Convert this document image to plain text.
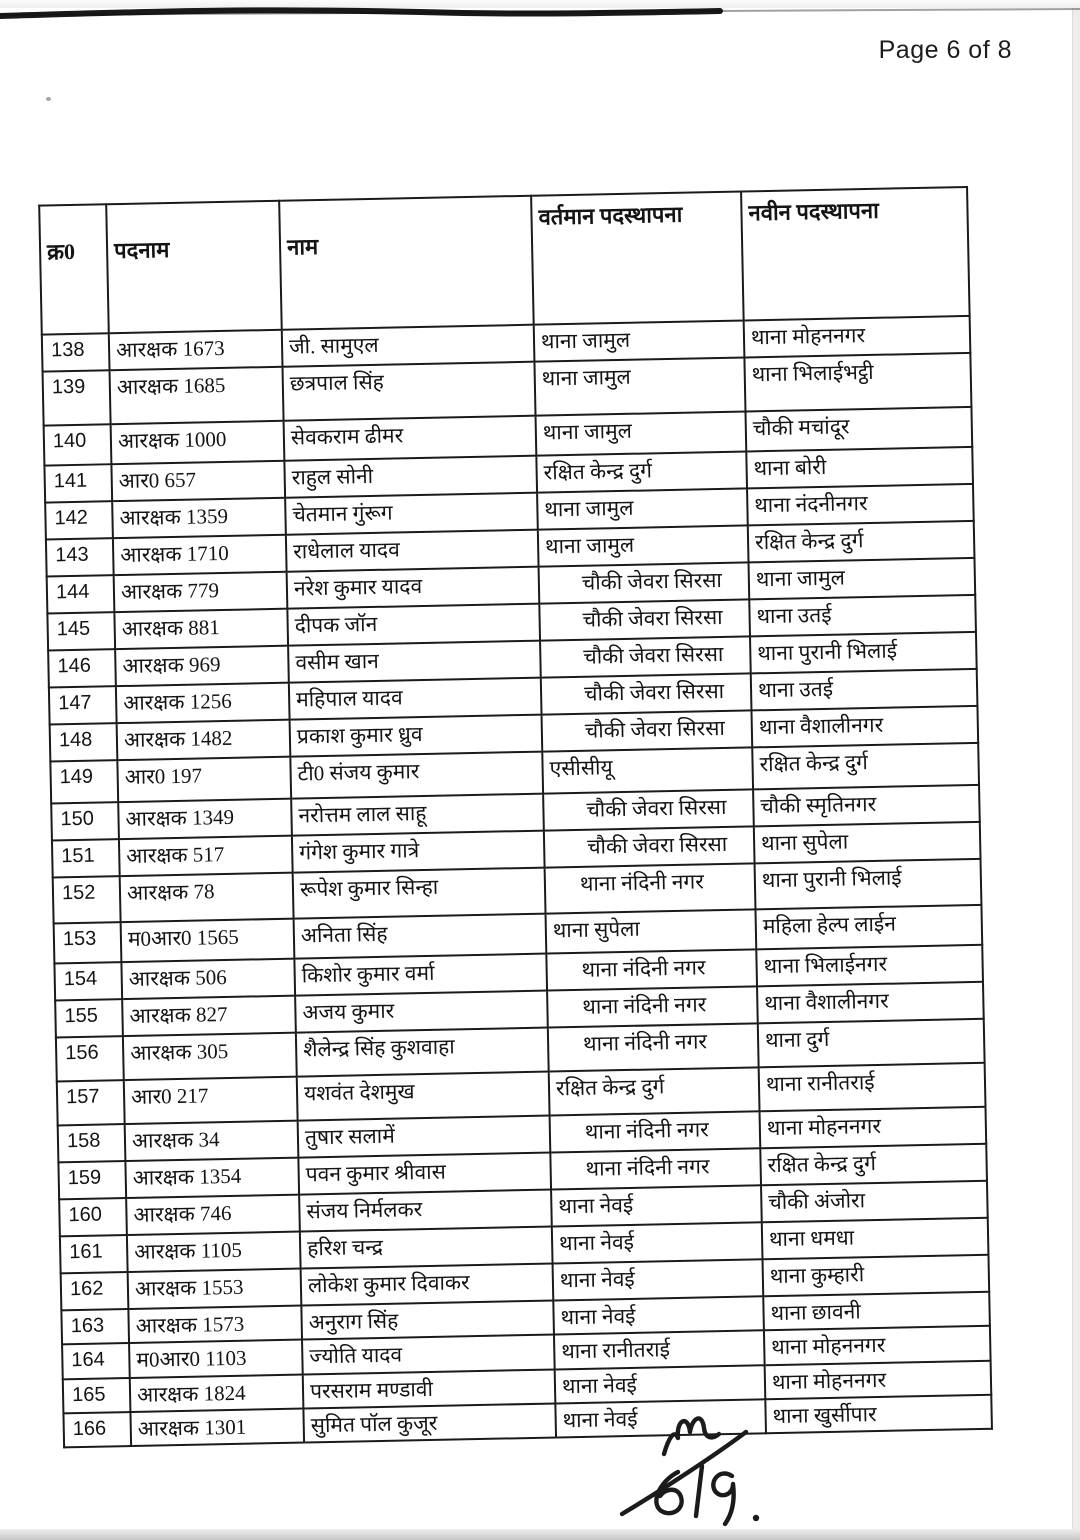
Page 6 of 8
क्र0	पदनाम	नाम	वर्तमान पदस्थापना	नवीन पदस्थापना
138	आरक्षक 1673	जी. सामुएल	थाना जामुल	थाना मोहननगर
139	आरक्षक 1685	छत्रपाल सिंह	थाना जामुल	थाना भिलाईभट्ठी
140	आरक्षक 1000	सेवकराम ढीमर	थाना जामुल	चौकी मचांदूर
141	आर0 657	राहुल सोनी	रक्षित केन्द्र दुर्ग	थाना बोरी
142	आरक्षक 1359	चेतमान गुंरूग	थाना जामुल	थाना नंदनीनगर
143	आरक्षक 1710	राधेलाल यादव	थाना जामुल	रक्षित केन्द्र दुर्ग
144	आरक्षक 779	नरेश कुमार यादव	चौकी जेवरा सिरसा	थाना जामुल
145	आरक्षक 881	दीपक जॉन	चौकी जेवरा सिरसा	थाना उतई
146	आरक्षक 969	वसीम खान	चौकी जेवरा सिरसा	थाना पुरानी भिलाई
147	आरक्षक 1256	महिपाल यादव	चौकी जेवरा सिरसा	थाना उतई
148	आरक्षक 1482	प्रकाश कुमार ध्रुव	चौकी जेवरा सिरसा	थाना वैशालीनगर
149	आर0 197	टी0 संजय कुमार	एसीसीयू	रक्षित केन्द्र दुर्ग
150	आरक्षक 1349	नरोत्तम लाल साहू	चौकी जेवरा सिरसा	चौकी स्मृतिनगर
151	आरक्षक 517	गंगेश कुमार गात्रे	चौकी जेवरा सिरसा	थाना सुपेला
152	आरक्षक 78	रूपेश कुमार सिन्हा	थाना नंदिनी नगर	थाना पुरानी भिलाई
153	म0आर0 1565	अनिता सिंह	थाना सुपेला	महिला हेल्प लाईन
154	आरक्षक 506	किशोर कुमार वर्मा	थाना नंदिनी नगर	थाना भिलाईनगर
155	आरक्षक 827	अजय कुमार	थाना नंदिनी नगर	थाना वैशालीनगर
156	आरक्षक 305	शैलेन्द्र सिंह कुशवाहा	थाना नंदिनी नगर	थाना दुर्ग
157	आर0 217	यशवंत देशमुख	रक्षित केन्द्र दुर्ग	थाना रानीतराई
158	आरक्षक 34	तुषार सलामें	थाना नंदिनी नगर	थाना मोहननगर
159	आरक्षक 1354	पवन कुमार श्रीवास	थाना नंदिनी नगर	रक्षित केन्द्र दुर्ग
160	आरक्षक 746	संजय निर्मलकर	थाना नेवई	चौकी अंजोरा
161	आरक्षक 1105	हरिश चन्द्र	थाना नेवई	थाना धमधा
162	आरक्षक 1553	लोकेश कुमार दिवाकर	थाना नेवई	थाना कुम्हारी
163	आरक्षक 1573	अनुराग सिंह	थाना नेवई	थाना छावनी
164	म0आर0 1103	ज्योति यादव	थाना रानीतराई	थाना मोहननगर
165	आरक्षक 1824	परसराम मण्डावी	थाना नेवई	थाना मोहननगर
166	आरक्षक 1301	सुमित पॉल कुजूर	थाना नेवई	थाना खुर्सीपार
